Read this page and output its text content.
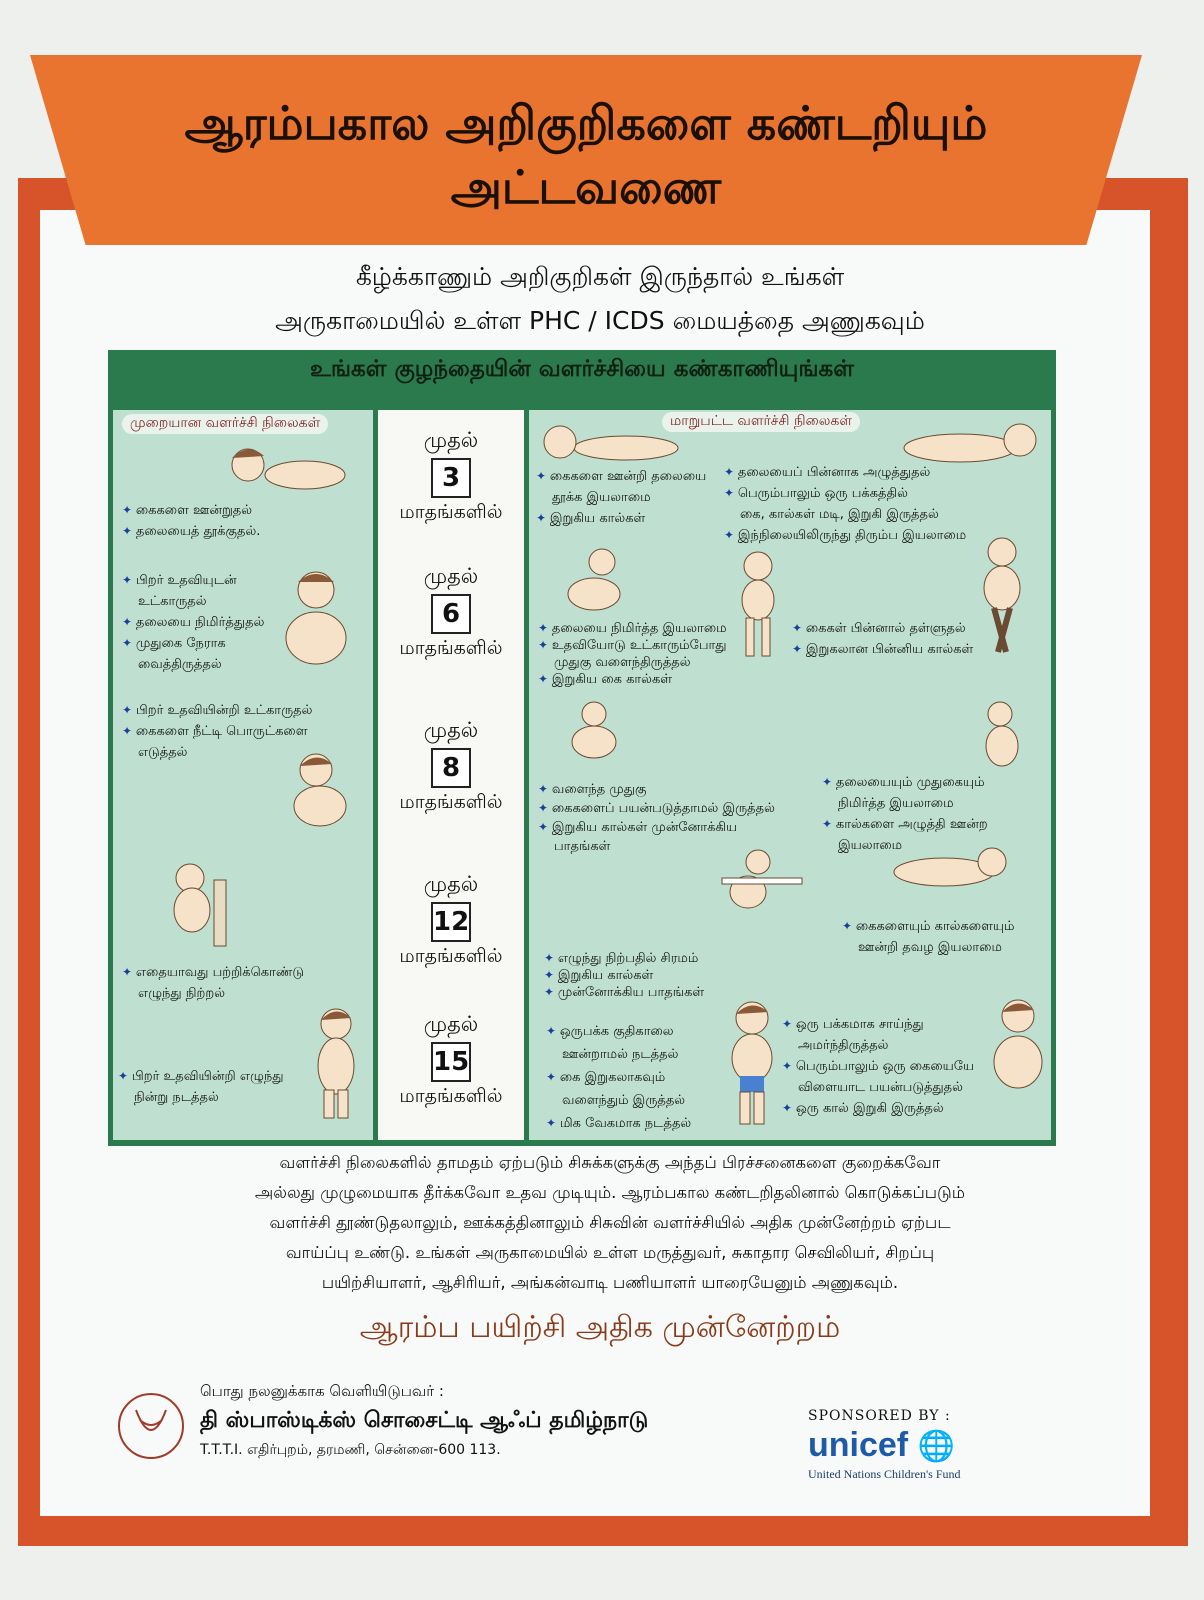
ஆரம்பகால அறிகுறிகளை கண்டறியும்
அட்டவணை
கீழ்க்காணும் அறிகுறிகள் இருந்தால் உங்கள்
அருகாமையில் உள்ள PHC / ICDS மையத்தை அணுகவும்
உங்கள் குழந்தையின் வளர்ச்சியை கண்காணியுங்கள்
முறையான வளர்ச்சி நிலைகள்	மாறுபட்ட வளர்ச்சி நிலைகள்
முதல்
3
மாதங்களில்
முதல்
6
மாதங்களில்
முதல்
8
மாதங்களில்
முதல்
12
மாதங்களில்
முதல்
15
மாதங்களில்
✦ கைகளை ஊன்றுதல்
✦ தலையைத் தூக்குதல்.
✦ பிறர் உதவியுடன்
உட்காருதல்
✦ தலையை நிமிர்த்துதல்
✦ முதுகை நேராக
வைத்திருத்தல்
✦ பிறர் உதவியின்றி உட்காருதல்
✦ கைகளை நீட்டி பொருட்களை
எடுத்தல்
✦ எதையாவது பற்றிக்கொண்டு
எழுந்து நிற்றல்
✦ பிறர் உதவியின்றி எழுந்து
நின்று நடத்தல்
✦ கைகளை ஊன்றி தலையை
தூக்க இயலாமை
✦ இறுகிய கால்கள்
✦ தலையைப் பின்னாக அழுத்துதல்
✦ பெரும்பாலும் ஒரு பக்கத்தில்
கை, கால்கள் மடி, இறுகி இருத்தல்
✦ இந்நிலையிலிருந்து திரும்ப இயலாமை
✦ தலையை நிமிர்த்த இயலாமை
✦ உதவியோடு உட்காரும்போது
முதுகு வளைந்திருத்தல்
✦ இறுகிய கை கால்கள்
✦ கைகள் பின்னால் தள்ளுதல்
✦ இறுகலான பின்னிய கால்கள்
✦ வளைந்த முதுகு
✦ கைகளைப் பயன்படுத்தாமல் இருத்தல்
✦ இறுகிய கால்கள் முன்னோக்கிய
பாதங்கள்
✦ தலையையும் முதுகையும்
நிமிர்த்த இயலாமை
✦ கால்களை அழுத்தி ஊன்ற
இயலாமை
✦ எழுந்து நிற்பதில் சிரமம்
✦ இறுகிய கால்கள்
✦ முன்னோக்கிய பாதங்கள்
✦ கைகளையும் கால்களையும்
ஊன்றி தவழ இயலாமை
✦ ஒருபக்க குதிகாலை
ஊன்றாமல் நடத்தல்
✦ கை இறுகலாகவும்
வளைந்தும் இருத்தல்
✦ மிக வேகமாக நடத்தல்
✦ ஒரு பக்கமாக சாய்ந்து
அமர்ந்திருத்தல்
✦ பெரும்பாலும் ஒரு கையையே
விளையாட பயன்படுத்துதல்
✦ ஒரு கால் இறுகி இருத்தல்
வளர்ச்சி நிலைகளில் தாமதம் ஏற்படும் சிசுக்களுக்கு அந்தப் பிரச்சனைகளை குறைக்கவோ
அல்லது முழுமையாக தீர்க்கவோ உதவ முடியும். ஆரம்பகால கண்டறிதலினால் கொடுக்கப்படும்
வளர்ச்சி தூண்டுதலாலும், ஊக்கத்தினாலும் சிசுவின் வளர்ச்சியில் அதிக முன்னேற்றம் ஏற்பட
வாய்ப்பு உண்டு. உங்கள் அருகாமையில் உள்ள மருத்துவர், சுகாதார செவிலியர், சிறப்பு
பயிற்சியாளர், ஆசிரியர், அங்கன்வாடி பணியாளர் யாரையேனும் அணுகவும்.
ஆரம்ப பயிற்சி அதிக முன்னேற்றம்
பொது நலனுக்காக வெளியிடுபவர் :
தி ஸ்பாஸ்டிக்ஸ் சொசைட்டி ஆஃப் தமிழ்நாடு
T.T.T.I. எதிர்புறம், தரமணி, சென்னை-600 113.
SPONSORED BY :
unicef 🌐
United Nations Children's Fund
